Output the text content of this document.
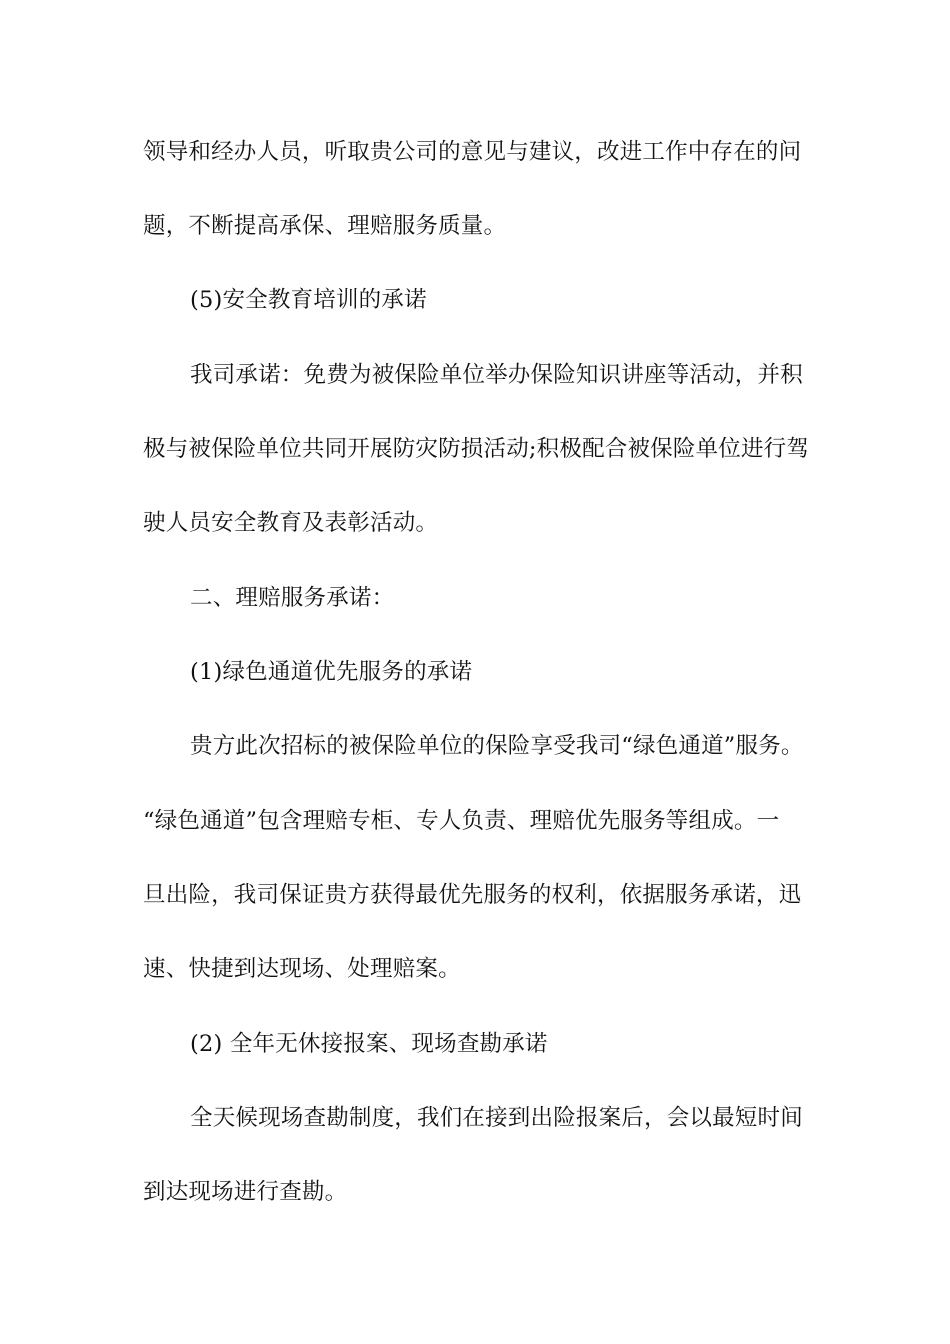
领导和经办人员，听取贵公司的意见与建议，改进工作中存在的问
题，不断提高承保、理赔服务质量。
(5)安全教育培训的承诺
我司承诺：免费为被保险单位举办保险知识讲座等活动，并积
极与被保险单位共同开展防灾防损活动;积极配合被保险单位进行驾
驶人员安全教育及表彰活动。
二、理赔服务承诺：
(1)绿色通道优先服务的承诺
贵方此次招标的被保险单位的保险享受我司“绿色通道”服务。
“绿色通道”包含理赔专柜、专人负责、理赔优先服务等组成。一
旦出险，我司保证贵方获得最优先服务的权利，依据服务承诺，迅
速、快捷到达现场、处理赔案。
(2) 全年无休接报案、现场查勘承诺
全天候现场查勘制度，我们在接到出险报案后，会以最短时间
到达现场进行查勘。
